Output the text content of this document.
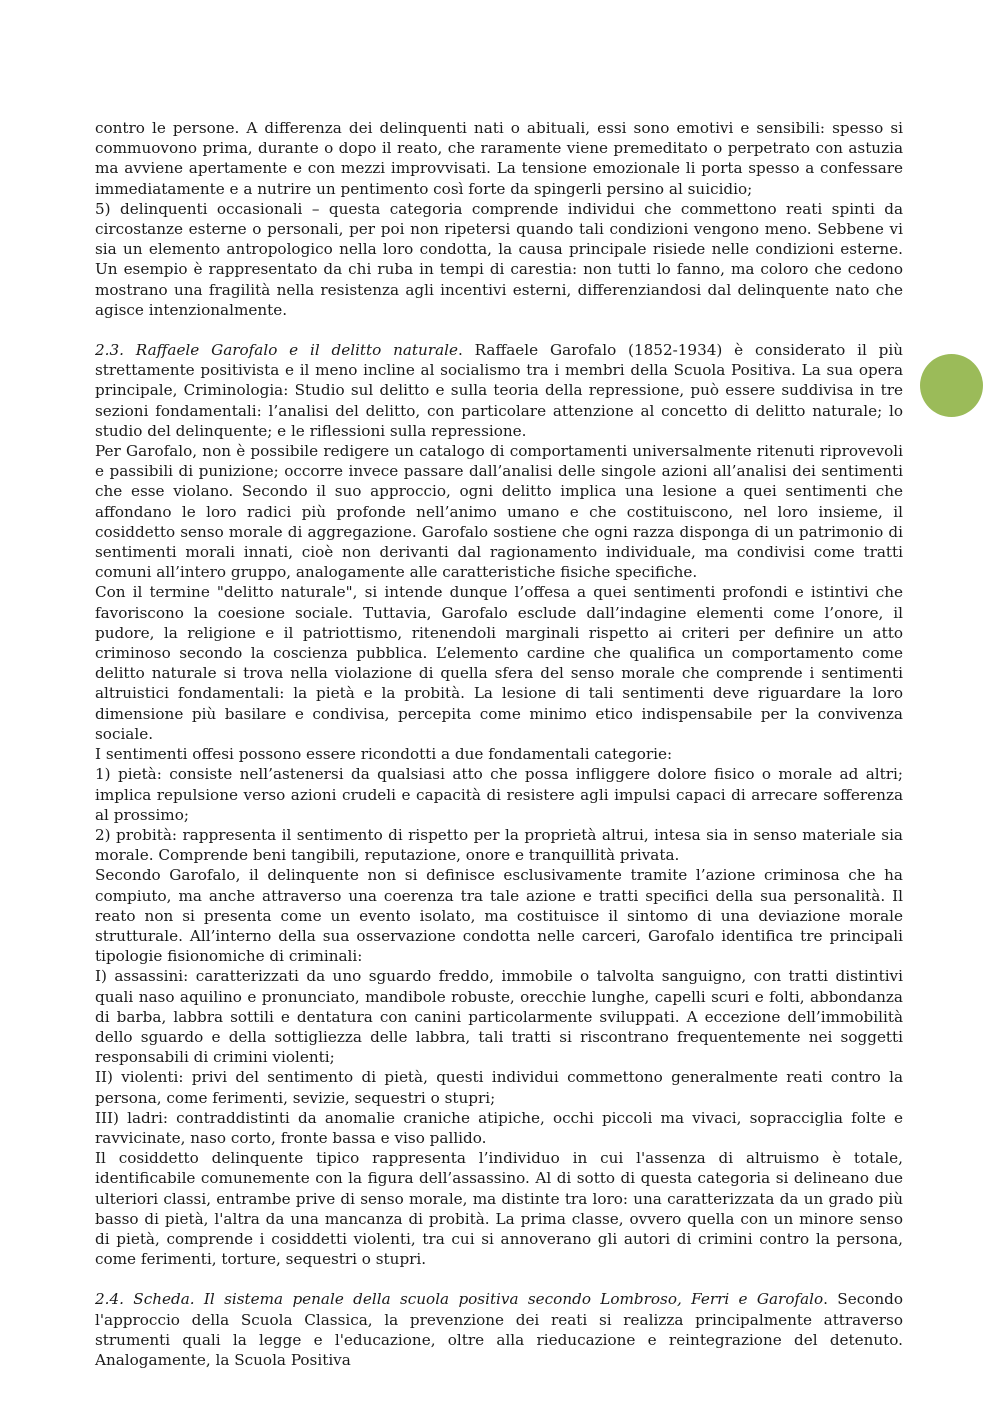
contro le persone. A differenza dei delinquenti nati o abituali, essi sono emotivi e sensibili: spesso si commuovono prima, durante o dopo il reato, che raramente viene premeditato o perpetrato con astuzia ma avviene apertamente e con mezzi improvvisati. La tensione emozionale li porta spesso a confessare immediatamente e a nutrire un pentimento così forte da spingerli persino al suicidio;

5) delinquenti occasionali – questa categoria comprende individui che commettono reati spinti da circostanze esterne o personali, per poi non ripetersi quando tali condizioni vengono meno. Sebbene vi sia un elemento antropologico nella loro condotta, la causa principale risiede nelle condizioni esterne. Un esempio è rappresentato da chi ruba in tempi di carestia: non tutti lo fanno, ma coloro che cedono mostrano una fragilità nella resistenza agli incentivi esterni, differenziandosi dal delinquente nato che agisce intenzionalmente.

2.3. Raffaele Garofalo e il delitto naturale. Raffaele Garofalo (1852-1934) è considerato il più strettamente positivista e il meno incline al socialismo tra i membri della Scuola Positiva. La sua opera principale, Criminologia: Studio sul delitto e sulla teoria della repressione, può essere suddivisa in tre sezioni fondamentali: l’analisi del delitto, con particolare attenzione al concetto di delitto naturale; lo studio del delinquente; e le riflessioni sulla repressione.

Per Garofalo, non è possibile redigere un catalogo di comportamenti universalmente ritenuti riprovevoli e passibili di punizione; occorre invece passare dall’analisi delle singole azioni all’analisi dei sentimenti che esse violano. Secondo il suo approccio, ogni delitto implica una lesione a quei sentimenti che affondano le loro radici più profonde nell’animo umano e che costituiscono, nel loro insieme, il cosiddetto senso morale di aggregazione. Garofalo sostiene che ogni razza disponga di un patrimonio di sentimenti morali innati, cioè non derivanti dal ragionamento individuale, ma condivisi come tratti comuni all’intero gruppo, analogamente alle caratteristiche fisiche specifiche.

Con il termine "delitto naturale", si intende dunque l’offesa a quei sentimenti profondi e istintivi che favoriscono la coesione sociale. Tuttavia, Garofalo esclude dall’indagine elementi come l’onore, il pudore, la religione e il patriottismo, ritenendoli marginali rispetto ai criteri per definire un atto criminoso secondo la coscienza pubblica. L’elemento cardine che qualifica un comportamento come delitto naturale si trova nella violazione di quella sfera del senso morale che comprende i sentimenti altruistici fondamentali: la pietà e la probità. La lesione di tali sentimenti deve riguardare la loro dimensione più basilare e condivisa, percepita come minimo etico indispensabile per la convivenza sociale.

I sentimenti offesi possono essere ricondotti a due fondamentali categorie:

1) pietà: consiste nell’astenersi da qualsiasi atto che possa infliggere dolore fisico o morale ad altri; implica repulsione verso azioni crudeli e capacità di resistere agli impulsi capaci di arrecare sofferenza al prossimo;

2) probità: rappresenta il sentimento di rispetto per la proprietà altrui, intesa sia in senso materiale sia morale. Comprende beni tangibili, reputazione, onore e tranquillità privata.

Secondo Garofalo, il delinquente non si definisce esclusivamente tramite l’azione criminosa che ha compiuto, ma anche attraverso una coerenza tra tale azione e tratti specifici della sua personalità. Il reato non si presenta come un evento isolato, ma costituisce il sintomo di una deviazione morale strutturale. All’interno della sua osservazione condotta nelle carceri, Garofalo identifica tre principali tipologie fisionomiche di criminali:

I) assassini: caratterizzati da uno sguardo freddo, immobile o talvolta sanguigno, con tratti distintivi quali naso aquilino e pronunciato, mandibole robuste, orecchie lunghe, capelli scuri e folti, abbondanza di barba, labbra sottili e dentatura con canini particolarmente sviluppati. A eccezione dell’immobilità dello sguardo e della sottigliezza delle labbra, tali tratti si riscontrano frequentemente nei soggetti responsabili di crimini violenti;

II) violenti: privi del sentimento di pietà, questi individui commettono generalmente reati contro la persona, come ferimenti, sevizie, sequestri o stupri;

III) ladri: contraddistinti da anomalie craniche atipiche, occhi piccoli ma vivaci, sopracciglia folte e ravvicinate, naso corto, fronte bassa e viso pallido.

Il cosiddetto delinquente tipico rappresenta l’individuo in cui l'assenza di altruismo è totale, identificabile comunemente con la figura dell’assassino. Al di sotto di questa categoria si delineano due ulteriori classi, entrambe prive di senso morale, ma distinte tra loro: una caratterizzata da un grado più basso di pietà, l'altra da una mancanza di probità. La prima classe, ovvero quella con un minore senso di pietà, comprende i cosiddetti violenti, tra cui si annoverano gli autori di crimini contro la persona, come ferimenti, torture, sequestri o stupri.

2.4. Scheda. Il sistema penale della scuola positiva secondo Lombroso, Ferri e Garofalo. Secondo l'approccio della Scuola Classica, la prevenzione dei reati si realizza principalmente attraverso strumenti quali la legge e l'educazione, oltre alla rieducazione e reintegrazione del detenuto. Analogamente, la Scuola Positiva
